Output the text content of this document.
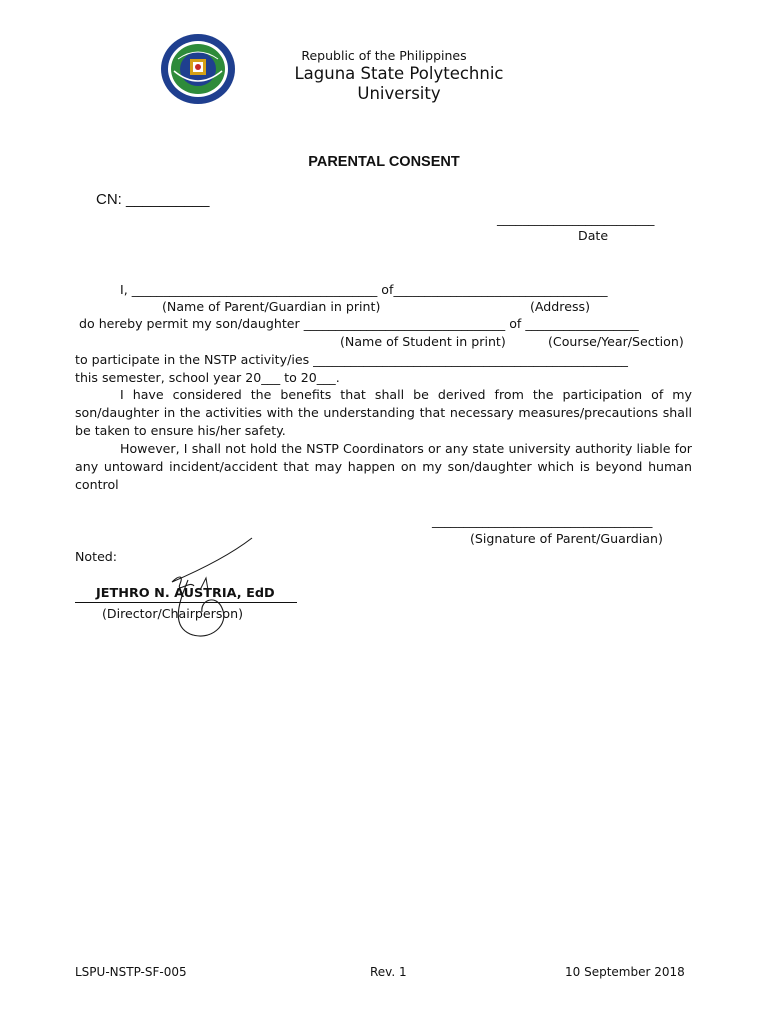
Republic of the Philippines
Laguna State Polytechnic
University
PARENTAL CONSENT
CN: __________
_________________________
Date
I, _______________________________________ of__________________________________
(Name of Parent/Guardian in print)	(Address)
do hereby permit my son/daughter ________________________________ of __________________
(Name of Student in print)	(Course/Year/Section)
to participate in the NSTP activity/ies __________________________________________________
this semester, school year 20___ to 20___.
I have considered the benefits that shall be derived from the participation of my
son/daughter in the activities with the understanding that necessary measures/precautions shall
be taken to ensure his/her safety.
However, I shall not hold the NSTP Coordinators or any state university authority liable for
any untoward incident/accident that may happen on my son/daughter which is beyond human
control
___________________________________
(Signature of Parent/Guardian)
Noted:
JETHRO N. AUSTRIA, EdD
(Director/Chairperson)
LSPU-NSTP-SF-005	Rev. 1	10 September 2018
